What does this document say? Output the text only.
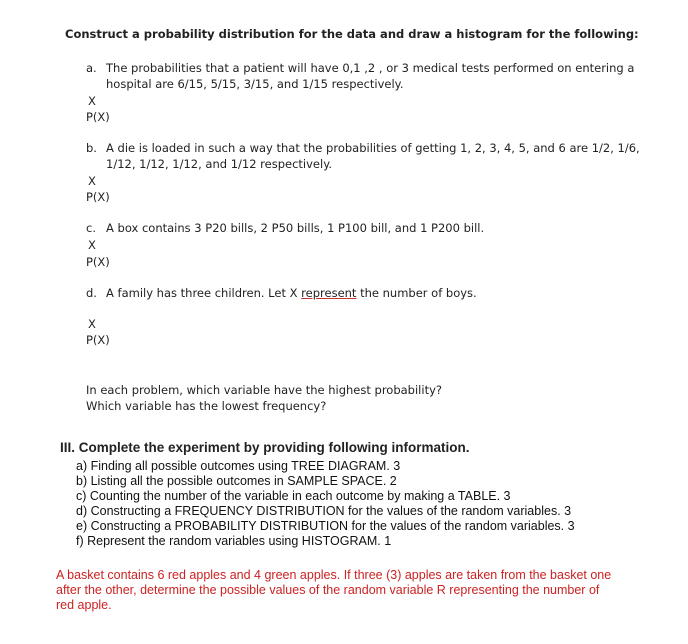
Construct a probability distribution for the data and draw a histogram for the following:
a. The probabilities that a patient will have 0,1 ,2 , or 3 medical tests performed on entering a
hospital are 6/15, 5/15, 3/15, and 1/15 respectively.
X
P(X)
b. A die is loaded in such a way that the probabilities of getting 1, 2, 3, 4, 5, and 6 are 1/2, 1/6,
1/12, 1/12, 1/12, and 1/12 respectively.
X
P(X)
c. A box contains 3 P20 bills, 2 P50 bills, 1 P100 bill, and 1 P200 bill.
X
P(X)
d. A family has three children. Let X represent the number of boys.
X
P(X)
In each problem, which variable have the highest probability?
Which variable has the lowest frequency?
III. Complete the experiment by providing following information.
a) Finding all possible outcomes using TREE DIAGRAM. 3
b) Listing all the possible outcomes in SAMPLE SPACE. 2
c) Counting the number of the variable in each outcome by making a TABLE. 3
d) Constructing a FREQUENCY DISTRIBUTION for the values of the random variables. 3
e) Constructing a PROBABILITY DISTRIBUTION for the values of the random variables. 3
f) Represent the random variables using HISTOGRAM. 1
A basket contains 6 red apples and 4 green apples. If three (3) apples are taken from the basket one
after the other, determine the possible values of the random variable R representing the number of
red apple.
